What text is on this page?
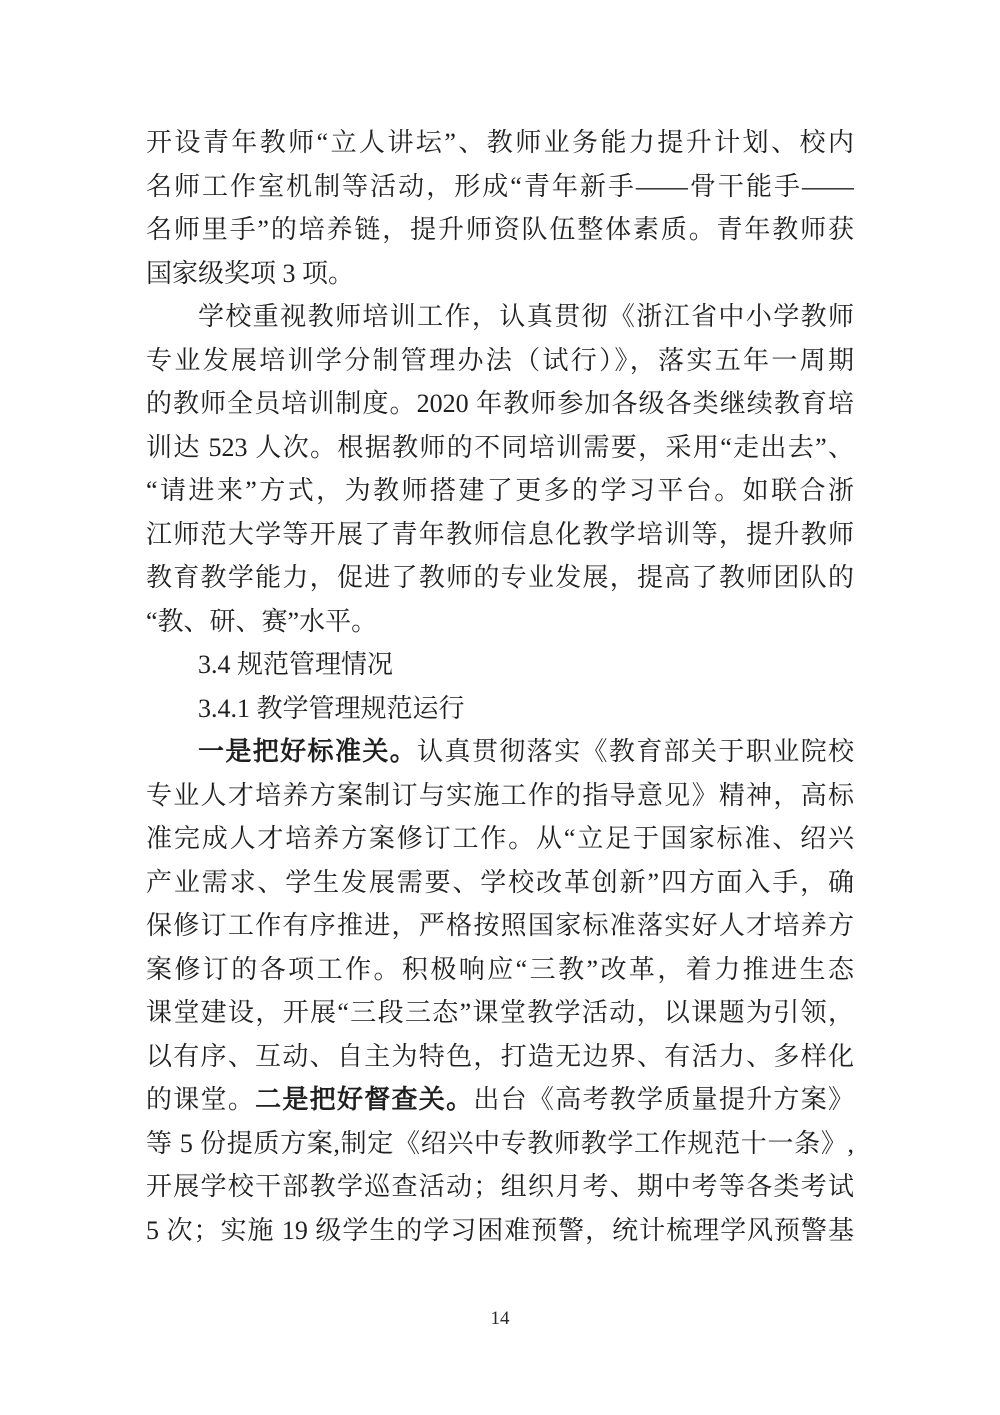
开设青年教师“立人讲坛”、教师业务能力提升计划、校内
名师工作室机制等活动，形成“青年新手——骨干能手——
名师里手”的培养链，提升师资队伍整体素质。青年教师获
国家级奖项 3 项。
学校重视教师培训工作，认真贯彻《浙江省中小学教师
专业发展培训学分制管理办法（试行）》，落实五年一周期
的教师全员培训制度。2020 年教师参加各级各类继续教育培
训达 523 人次。根据教师的不同培训需要，采用“走出去”、
“请进来”方式，为教师搭建了更多的学习平台。如联合浙
江师范大学等开展了青年教师信息化教学培训等，提升教师
教育教学能力，促进了教师的专业发展，提高了教师团队的
“教、研、赛”水平。
3.4 规范管理情况
3.4.1 教学管理规范运行
一是把好标准关。认真贯彻落实《教育部关于职业院校
专业人才培养方案制订与实施工作的指导意见》精神，高标
准完成人才培养方案修订工作。从“立足于国家标准、绍兴
产业需求、学生发展需要、学校改革创新”四方面入手，确
保修订工作有序推进，严格按照国家标准落实好人才培养方
案修订的各项工作。积极响应“三教”改革，着力推进生态
课堂建设，开展“三段三态”课堂教学活动，以课题为引领，
以有序、互动、自主为特色，打造无边界、有活力、多样化
的课堂。二是把好督查关。出台《高考教学质量提升方案》
等 5 份提质方案,制定《绍兴中专教师教学工作规范十一条》,
开展学校干部教学巡查活动；组织月考、期中考等各类考试
5 次；实施 19 级学生的学习困难预警，统计梳理学风预警基
14
